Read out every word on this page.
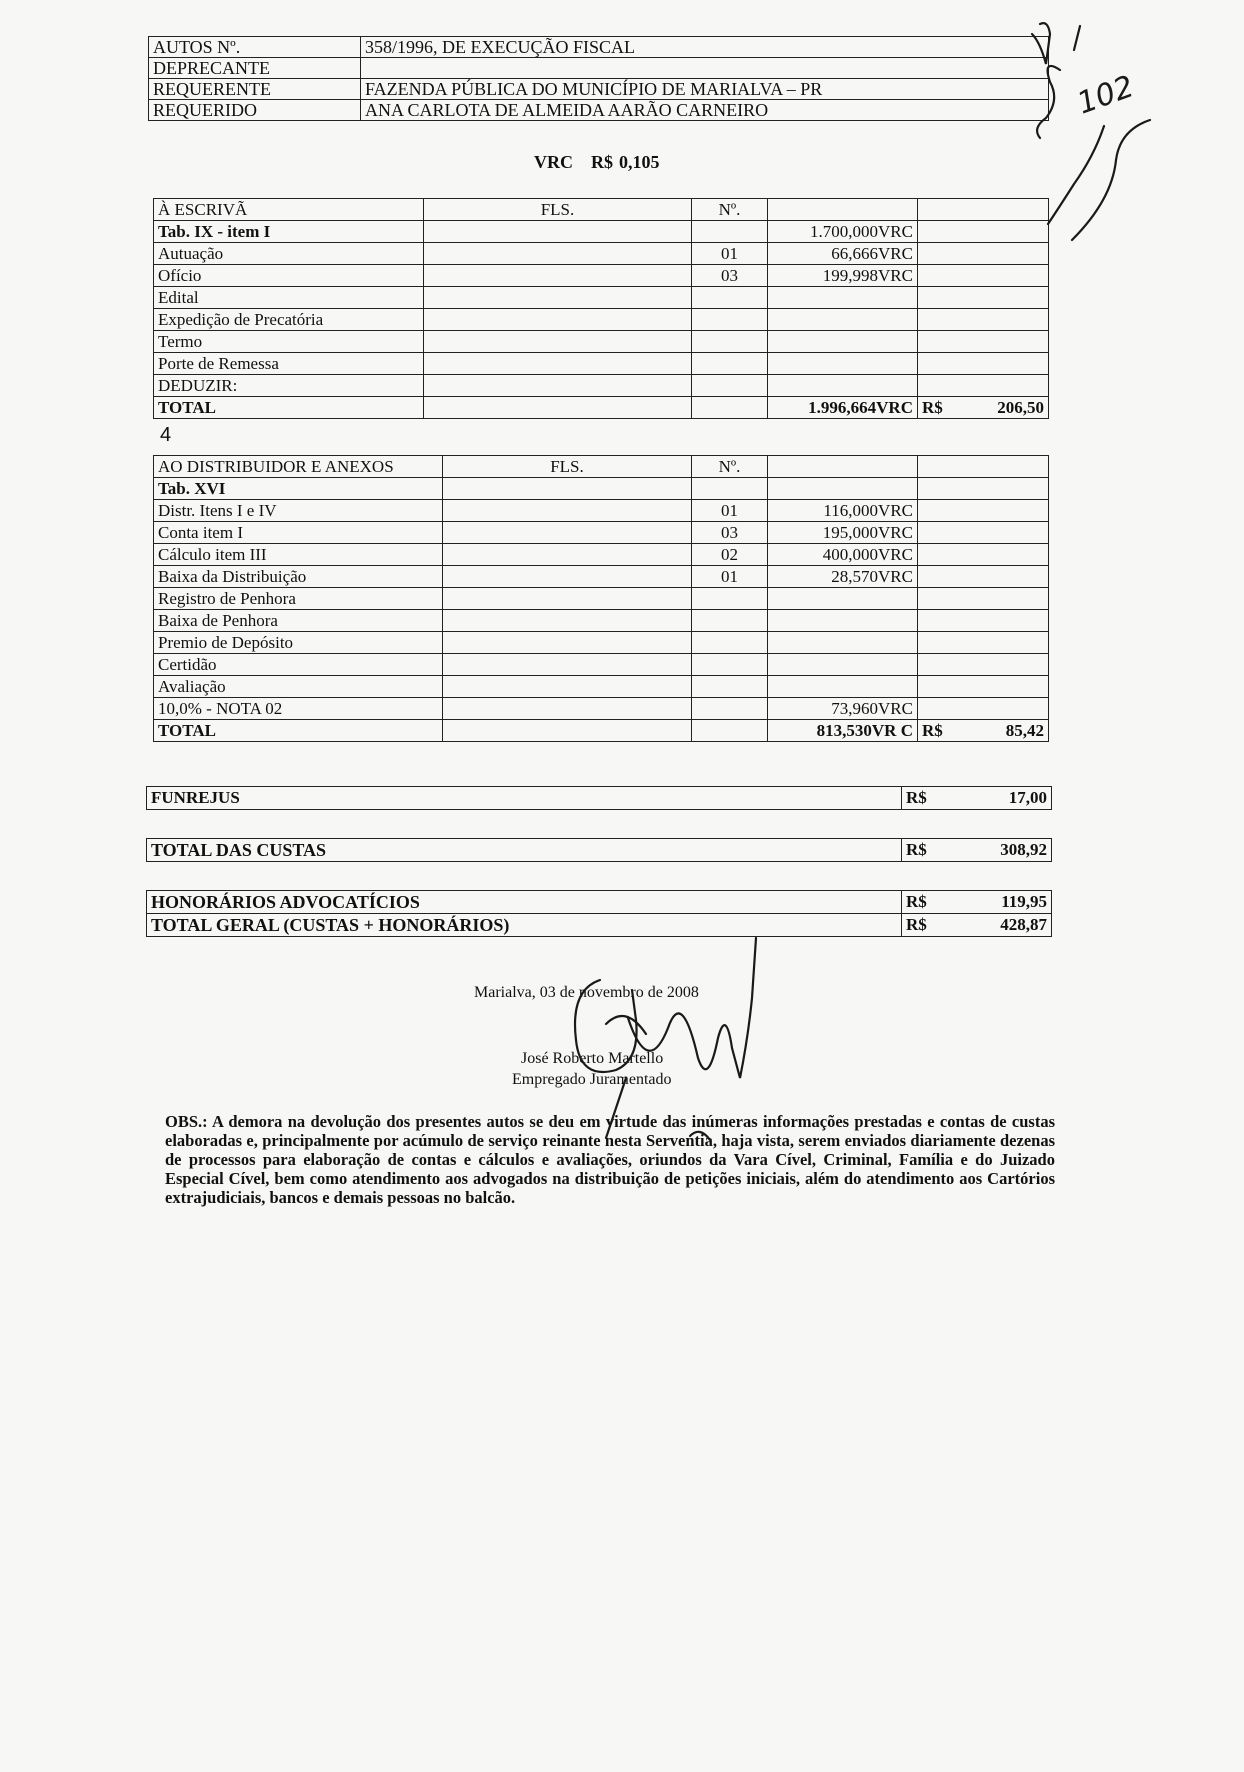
AUTOS Nº.	358/1996, DE EXECUÇÃO FISCAL
DEPRECANTE	
REQUERENTE	FAZENDA PÚBLICA DO MUNICÍPIO DE MARIALVA – PR
REQUERIDO	ANA CARLOTA DE ALMEIDA AARÃO CARNEIRO
VRC R$ 0,105
À ESCRIVÃ	FLS.	Nº.		
Tab. IX - item I			1.700,000VRC	
Autuação		01	66,666VRC	
Ofício		03	199,998VRC	
Edital				
Expedição de Precatória				
Termo				
Porte de Remessa				
DEDUZIR:				
TOTAL			1.996,664VRC	R$ 206,50
4
AO DISTRIBUIDOR E ANEXOS	FLS.	Nº.		
Tab. XVI				
Distr. Itens I e IV		01	116,000VRC	
Conta item I		03	195,000VRC	
Cálculo item III		02	400,000VRC	
Baixa da Distribuição		01	28,570VRC	
Registro de Penhora				
Baixa de Penhora				
Premio de Depósito				
Certidão				
Avaliação				
10,0% - NOTA 02			73,960VRC	
TOTAL			813,530VR C	R$ 85,42
FUNREJUS	R$	17,00
TOTAL DAS CUSTAS	R$	308,92
HONORÁRIOS ADVOCATÍCIOS	R$ 119,95

TOTAL GERAL (CUSTAS + HONORÁRIOS)	R$ 428,87
Marialva, 03 de novembro de 2008
José Roberto Martello
Empregado Juramentado
OBS.: A demora na devolução dos presentes autos se deu em virtude das inúmeras informações prestadas e contas de custas elaboradas e, principalmente por acúmulo de serviço reinante nesta Serventia, haja vista, serem enviados diariamente dezenas de processos para elaboração de contas e cálculos e avaliações, oriundos da Vara Cível, Criminal, Família e do Juizado Especial Cível, bem como atendimento aos advogados na distribuição de petições iniciais, além do atendimento aos Cartórios extrajudiciais, bancos e demais pessoas no balcão.
102
